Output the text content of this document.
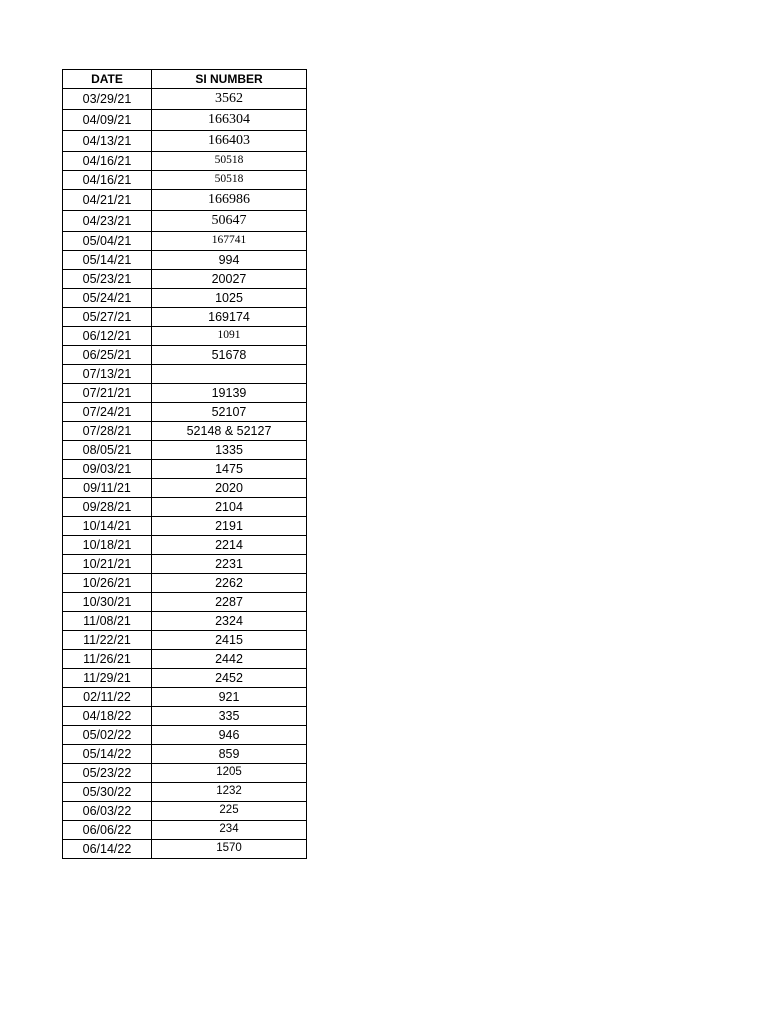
DATE	SI NUMBER
03/29/21	3562
04/09/21	166304
04/13/21	166403
04/16/21	50518
04/16/21	50518
04/21/21	166986
04/23/21	50647
05/04/21	167741
05/14/21	994
05/23/21	20027
05/24/21	1025
05/27/21	169174
06/12/21	1091
06/25/21	51678
07/13/21	
07/21/21	19139
07/24/21	52107
07/28/21	52148 & 52127
08/05/21	1335
09/03/21	1475
09/11/21	2020
09/28/21	2104
10/14/21	2191
10/18/21	2214
10/21/21	2231
10/26/21	2262
10/30/21	2287
11/08/21	2324
11/22/21	2415
11/26/21	2442
11/29/21	2452
02/11/22	921
04/18/22	335
05/02/22	946
05/14/22	859
05/23/22	1205
05/30/22	1232
06/03/22	225
06/06/22	234
06/14/22	1570
